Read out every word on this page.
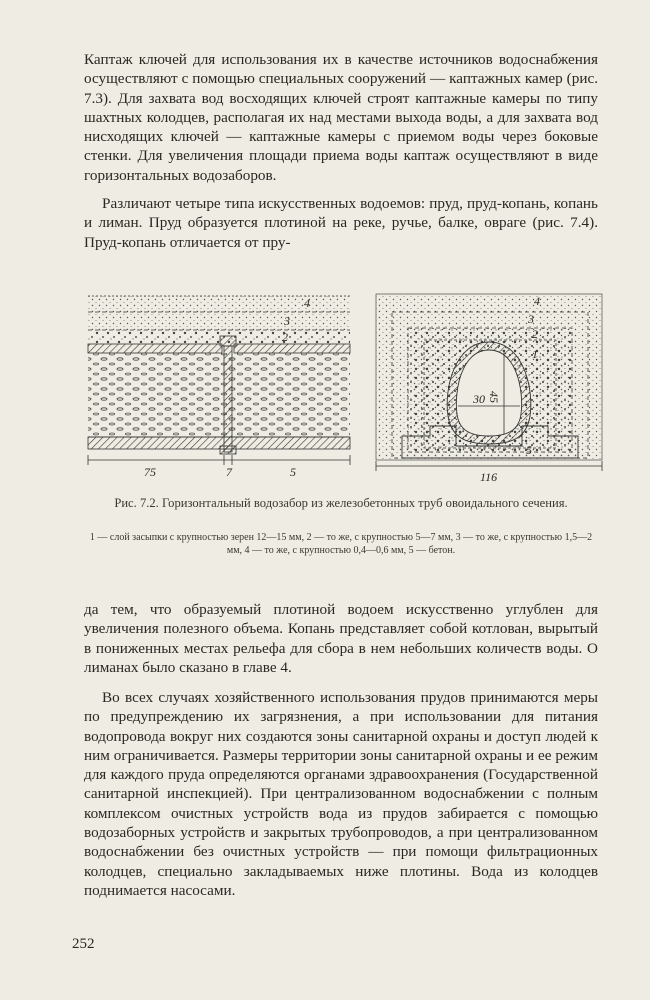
Каптаж ключей для использования их в качестве источников водоснабжения осуществляют с помощью специальных сооружений — каптажных камер (рис. 7.3). Для захвата вод восходящих ключей строят каптажные камеры по типу шахтных колодцев, располагая их над местами выхода воды, а для захвата вод нисходящих ключей — каптажные камеры с приемом воды через боковые стенки. Для увеличения площади приема воды каптаж осуществляют в виде горизонтальных водозаборов.

Различают четыре типа искусственных водоемов: пруд, пруд-копань, копань и лиман. Пруд образуется плотиной на реке, ручье, балке, овраге (рис. 7.4). Пруд-копань отличается от пру-

4
3
2
75	7	5
4
3
2
1
45
30
5
116
Рис. 7.2. Горизонтальный водозабор из железобетонных труб овоидального сечения.
1 — слой засыпки с крупностью зерен 12—15 мм, 2 — то же, с крупностью 5—7 мм, 3 — то же, с крупностью 1,5—2 мм, 4 — то же, с крупностью 0,4—0,6 мм, 5 — бетон.

да тем, что образуемый плотиной водоем искусственно углублен для увеличения полезного объема. Копань представляет собой котлован, вырытый в пониженных местах рельефа для сбора в нем небольших количеств воды. О лиманах было сказано в главе 4.

Во всех случаях хозяйственного использования прудов принимаются меры по предупреждению их загрязнения, а при использовании для питания водопровода вокруг них создаются зоны санитарной охраны и доступ людей к ним ограничивается. Размеры территории зоны санитарной охраны и ее режим для каждого пруда определяются органами здравоохранения (Государственной санитарной инспекцией). При централизованном водоснабжении с полным комплексом очистных устройств вода из прудов забирается с помощью водозаборных устройств и закрытых трубопроводов, а при централизованном водоснабжении без очистных устройств — при помощи фильтрационных колодцев, специально закладываемых ниже плотины. Вода из колодцев поднимается насосами.

252
